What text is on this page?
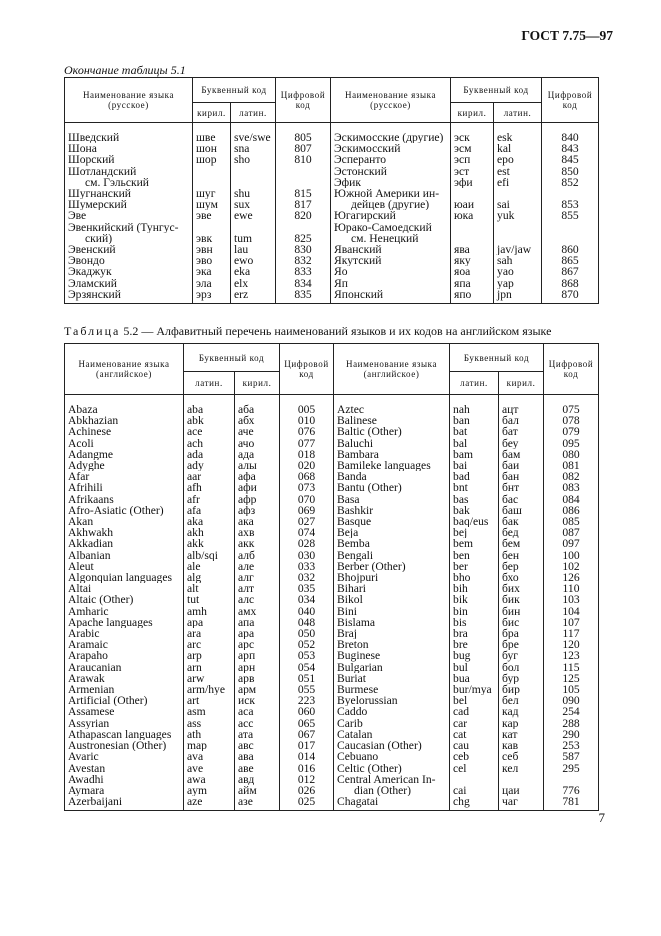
ГОСТ 7.75—97
Окончание таблицы 5.1
Наименование языка (русское)	Буквенный код		Цифровой код	Наименование языка (русское)	Буквенный код		Цифровой код
	кирил.	латин.			кирил.	латин.	
Шведский	шве	sve/swe	805	Эскимосские (другие)	эск	esk	840
Шона	шон	sna	807	Эскимосский	эсм	kal	843
Шорский	шор	sho	810	Эсперанто	эсп	epo	845
Шотландский				Эстонский	эст	est	850
см. Гэльский				Эфик	эфи	efi	852
Шугнанский	шуг	shu	815	Южной Америки ин-			
Шумерский	шум	sux	817	дейцев (другие)	юаи	sai	853
Эве	эве	ewe	820	Югагирский	юка	yuk	855
Эвенкийский (Тунгус-				Юрако-Самоедский			
ский)	эвк	tum	825	см. Ненецкий			
Эвенский	эвн	lau	830	Яванский	ява	jav/jaw	860
Эвондо	эво	ewo	832	Якутский	яку	sah	865
Экаджук	эка	eka	833	Яо	яоа	yao	867
Эламский	эла	elx	834	Яп	япа	yap	868
Эрзянский	эрз	erz	835	Японский	япо	jpn	870
Таблица 5.2 — Алфавитный перечень наименований языков и их кодов на английском языке
Наименование языка (английское)	Буквенный код		Цифровой код	Наименование языка (английское)	Буквенный код		Цифровой код
	латин.	кирил.			латин.	кирил.	
Abaza	aba	аба	005	Aztec	nah	ацт	075
Abkhazian	abk	абх	010	Balinese	ban	бал	078
Achinese	ace	аче	076	Baltic (Other)	bat	бат	079
Acoli	ach	ачо	077	Baluchi	bal	беу	095
Adangme	ada	ада	018	Bambara	bam	бам	080
Adyghe	ady	алы	020	Bamileke languages	bai	баи	081
Afar	aar	афа	068	Banda	bad	бан	082
Afrihili	afh	афи	073	Bantu (Other)	bnt	бнт	083
Afrikaans	afr	афр	070	Basa	bas	бас	084
Afro-Asiatic (Other)	afa	афз	069	Bashkir	bak	баш	086
Akan	aka	ака	027	Basque	baq/eus	бак	085
Akhwakh	akh	ахв	074	Beja	bej	бед	087
Akkadian	akk	акк	028	Bemba	bem	бем	097
Albanian	alb/sqi	алб	030	Bengali	ben	бен	100
Aleut	ale	але	033	Berber (Other)	ber	бер	102
Algonquian languages	alg	алг	032	Bhojpuri	bho	бхо	126
Altai	alt	алт	035	Bihari	bih	бих	110
Altaic (Other)	tut	алс	034	Bikol	bik	бик	103
Amharic	amh	амх	040	Bini	bin	бин	104
Apache languages	apa	апа	048	Bislama	bis	бис	107
Arabic	ara	ара	050	Braj	bra	бра	117
Aramaic	arc	арс	052	Breton	bre	бре	120
Arapaho	arp	арп	053	Buginese	bug	буг	123
Araucanian	arn	арн	054	Bulgarian	bul	бол	115
Arawak	arw	арв	051	Buriat	bua	бур	125
Armenian	arm/hye	арм	055	Burmese	bur/mya	бир	105
Artificial (Other)	art	иск	223	Byelorussian	bel	бел	090
Assamese	asm	аса	060	Caddo	cad	кад	254
Assyrian	ass	асс	065	Carib	car	кар	288
Athapascan languages	ath	ата	067	Catalan	cat	кат	290
Austronesian (Other)	map	авс	017	Caucasian (Other)	cau	кав	253
Avaric	ava	ава	014	Cebuano	ceb	себ	587
Avestan	ave	аве	016	Celtic (Other)	cel	кел	295
Awadhi	awa	авд	012	Central American In-			
Aymara	aym	айм	026	dian (Other)	cai	цаи	776
Azerbaijani	aze	азе	025	Chagatai	chg	чаг	781
7
